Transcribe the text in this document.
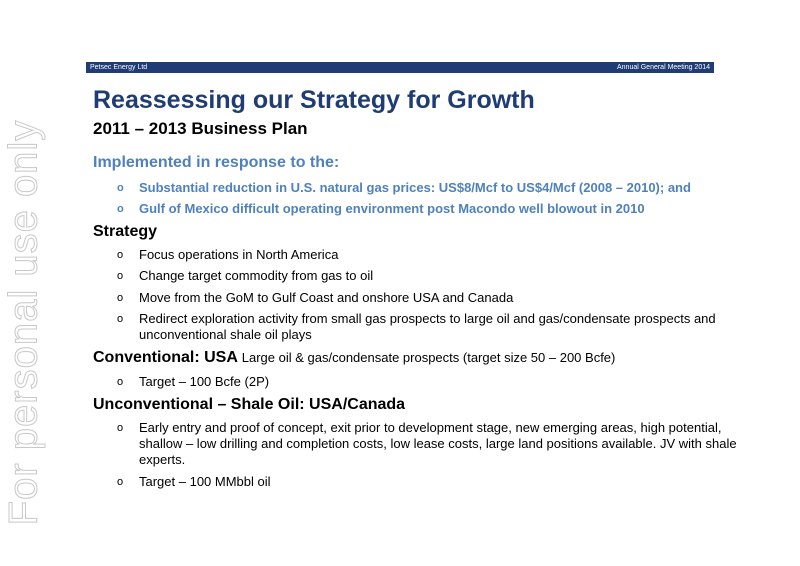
For personal use only
Petsec Energy Ltd	Annual General Meeting 2014
Reassessing our Strategy for Growth
2011 – 2013 Business Plan
Implemented in response to the:
o Substantial reduction in U.S. natural gas prices: US$8/Mcf to US$4/Mcf (2008 – 2010); and
o Gulf of Mexico difficult operating environment post Macondo well blowout in 2010
Strategy
o Focus operations in North America
o Change target commodity from gas to oil
o Move from the GoM to Gulf Coast and onshore USA and Canada
o Redirect exploration activity from small gas prospects to large oil and gas/condensate prospects and unconventional shale oil plays
Conventional: USA Large oil & gas/condensate prospects (target size 50 – 200 Bcfe)
o Target – 100 Bcfe (2P)
Unconventional – Shale Oil: USA/Canada
o Early entry and proof of concept, exit prior to development stage, new emerging areas, high potential, shallow – low drilling and completion costs, low lease costs, large land positions available. JV with shale experts.
o Target – 100 MMbbl oil
